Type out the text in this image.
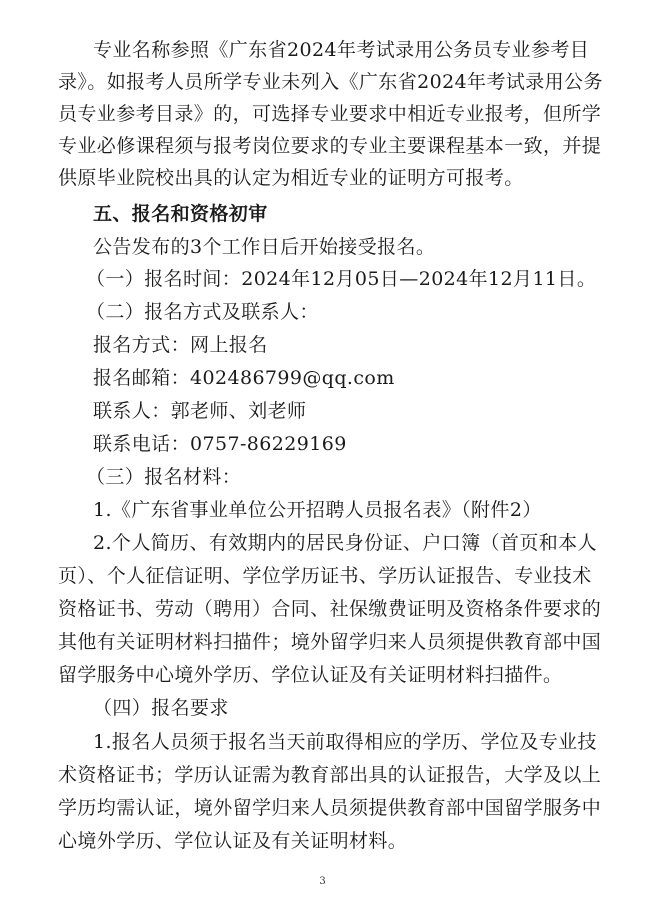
专业名称参照《广东省2024年考试录用公务员专业参考目
录》。如报考人员所学专业未列入《广东省2024年考试录用公务
员专业参考目录》的，可选择专业要求中相近专业报考，但所学
专业必修课程须与报考岗位要求的专业主要课程基本一致，并提
供原毕业院校出具的认定为相近专业的证明方可报考。
五、报名和资格初审
公告发布的3个工作日后开始接受报名。
（一）报名时间：2024年12月05日—2024年12月11日。
（二）报名方式及联系人：
报名方式：网上报名
报名邮箱：402486799@qq.com
联系人：郭老师、刘老师
联系电话：0757-86229169
（三）报名材料：
1.《广东省事业单位公开招聘人员报名表》（附件2）
2.个人简历、有效期内的居民身份证、户口簿（首页和本人
页）、个人征信证明、学位学历证书、学历认证报告、专业技术
资格证书、劳动（聘用）合同、社保缴费证明及资格条件要求的
其他有关证明材料扫描件；境外留学归来人员须提供教育部中国
留学服务中心境外学历、学位认证及有关证明材料扫描件。
（四）报名要求
1.报名人员须于报名当天前取得相应的学历、学位及专业技
术资格证书；学历认证需为教育部出具的认证报告，大学及以上
学历均需认证，境外留学归来人员须提供教育部中国留学服务中
心境外学历、学位认证及有关证明材料。
3
